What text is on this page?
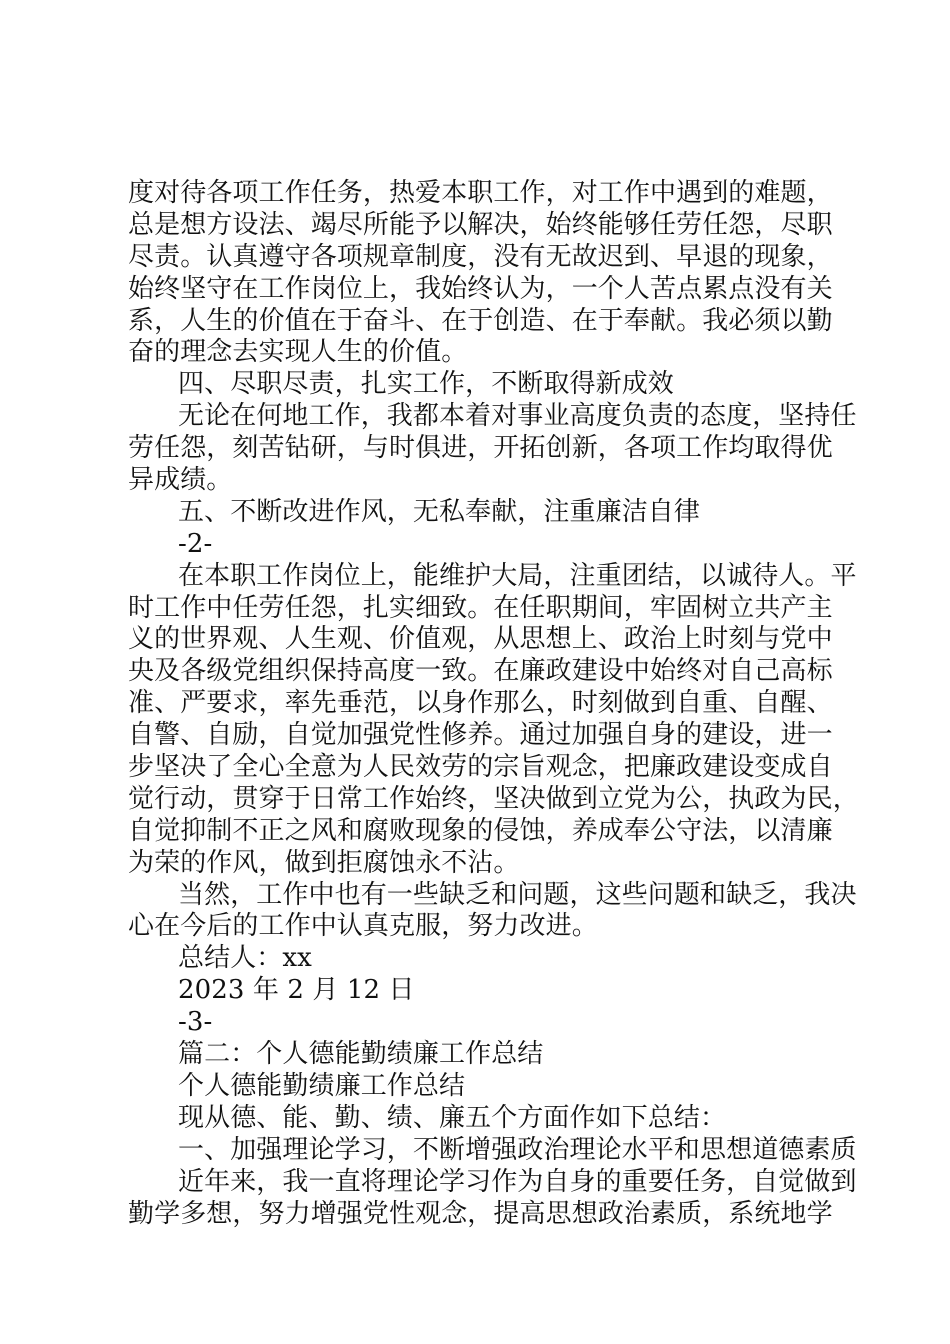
度对待各项工作任务，热爱本职工作，对工作中遇到的难题，
总是想方设法、竭尽所能予以解决，始终能够任劳任怨，尽职
尽责。认真遵守各项规章制度，没有无故迟到、早退的现象，
始终坚守在工作岗位上，我始终认为，一个人苦点累点没有关
系，人生的价值在于奋斗、在于创造、在于奉献。我必须以勤
奋的理念去实现人生的价值。
四、尽职尽责，扎实工作，不断取得新成效
无论在何地工作，我都本着对事业高度负责的态度，坚持任
劳任怨，刻苦钻研，与时俱进，开拓创新，各项工作均取得优
异成绩。
五、不断改进作风，无私奉献，注重廉洁自律
-2-
在本职工作岗位上，能维护大局，注重团结，以诚待人。平
时工作中任劳任怨，扎实细致。在任职期间，牢固树立共产主
义的世界观、人生观、价值观，从思想上、政治上时刻与党中
央及各级党组织保持高度一致。在廉政建设中始终对自己高标
准、严要求，率先垂范，以身作那么，时刻做到自重、自醒、
自警、自励，自觉加强党性修养。通过加强自身的建设，进一
步坚决了全心全意为人民效劳的宗旨观念，把廉政建设变成自
觉行动，贯穿于日常工作始终，坚决做到立党为公，执政为民，
自觉抑制不正之风和腐败现象的侵蚀，养成奉公守法，以清廉
为荣的作风，做到拒腐蚀永不沾。
当然，工作中也有一些缺乏和问题，这些问题和缺乏，我决
心在今后的工作中认真克服，努力改进。
总结人：xx
2023 年 2 月 12 日
-3-
篇二：个人德能勤绩廉工作总结
个人德能勤绩廉工作总结
现从德、能、勤、绩、廉五个方面作如下总结：
一、加强理论学习，不断增强政治理论水平和思想道德素质
近年来，我一直将理论学习作为自身的重要任务，自觉做到
勤学多想，努力增强党性观念，提高思想政治素质，系统地学
